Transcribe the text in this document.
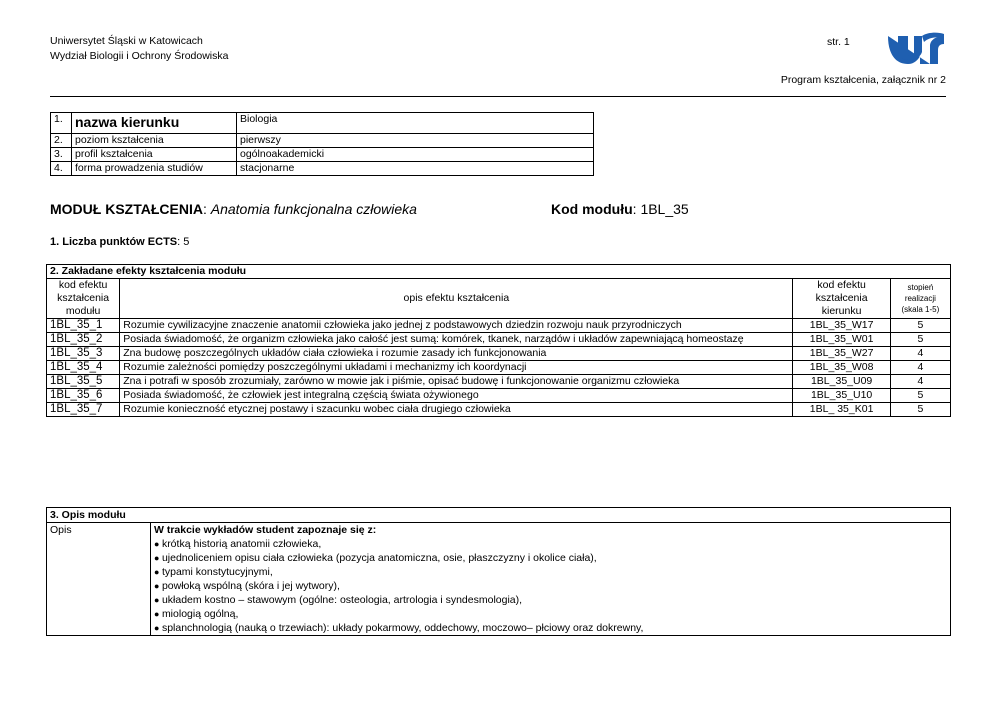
Uniwersytet Śląski w Katowicach
Wydział Biologii i Ochrony Środowiska
str. 1
Program kształcenia, załącznik nr 2
1.	nazwa kierunku	Biologia
2.	poziom kształcenia	pierwszy
3.	profil kształcenia	ogólnoakademicki
4.	forma prowadzenia studiów	stacjonarne
MODUŁ KSZTAŁCENIA: Anatomia funkcjonalna człowieka	Kod modułu: 1BL_35
1. Liczba punktów ECTS: 5
2. Zakładane efekty kształcenia modułu			
kod efektu kształcenia modułu	opis efektu kształcenia	kod efektu kształcenia kierunku	stopień realizacji
(skala 1-5)
1BL_35_1	Rozumie cywilizacyjne znaczenie anatomii człowieka jako jednej z podstawowych dziedzin rozwoju nauk przyrodniczych	1BL_35_W17	5
1BL_35_2	Posiada świadomość, że organizm człowieka jako całość jest sumą: komórek, tkanek, narządów i układów zapewniającą homeostazę	1BL_35_W01	5
1BL_35_3	Zna budowę poszczególnych układów ciała człowieka i rozumie zasady ich funkcjonowania	1BL_35_W27	4
1BL_35_4	Rozumie zależności pomiędzy poszczególnymi układami i mechanizmy ich koordynacji	1BL_35_W08	4
1BL_35_5	Zna i potrafi w sposób zrozumiały, zarówno w mowie jak i piśmie, opisać budowę i funkcjonowanie organizmu człowieka	1BL_35_U09	4
1BL_35_6	Posiada świadomość, że człowiek jest integralną częścią świata ożywionego	1BL_35_U10	5
1BL_35_7	Rozumie konieczność etycznej postawy i szacunku wobec ciała drugiego człowieka	1BL_ 35_K01	5
3. Opis modułu
Opis	W trakcie wykładów student zapoznaje się z:
● krótką historią anatomii człowieka,
● ujednoliceniem opisu ciała człowieka (pozycja anatomiczna, osie, płaszczyzny i okolice ciała),
● typami konstytucyjnymi,
● powłoką wspólną (skóra i jej wytwory),
● układem kostno – stawowym (ogólne: osteologia, artrologia i syndesmologia),
● miologią ogólną,
● splanchnologią (nauką o trzewiach): układy pokarmowy, oddechowy, moczowo– płciowy oraz dokrewny,
